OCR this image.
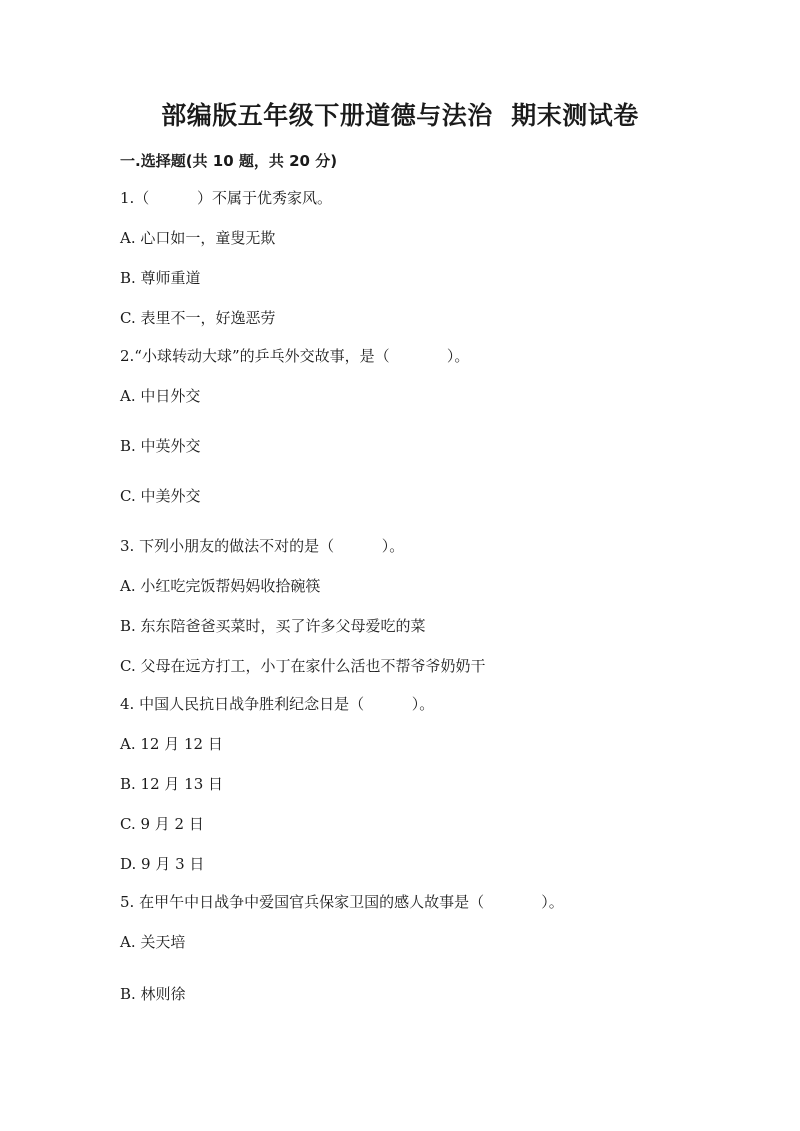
部编版五年级下册道德与法治  期末测试卷
一.选择题(共 10 题，共 20 分)
1.（          ）不属于优秀家风。
A. 心口如一，童叟无欺
B. 尊师重道
C. 表里不一，好逸恶劳
2.“小球转动大球”的乒乓外交故事，是（            ）。
A. 中日外交
B. 中英外交
C. 中美外交
3. 下列小朋友的做法不对的是（          ）。
A. 小红吃完饭帮妈妈收拾碗筷
B. 东东陪爸爸买菜时，买了许多父母爱吃的菜
C. 父母在远方打工，小丁在家什么活也不帮爷爷奶奶干
4. 中国人民抗日战争胜利纪念日是（          ）。
A. 12 月 12 日
B. 12 月 13 日
C. 9 月 2 日
D. 9 月 3 日
5. 在甲午中日战争中爱国官兵保家卫国的感人故事是（            ）。
A. 关天培
B. 林则徐
